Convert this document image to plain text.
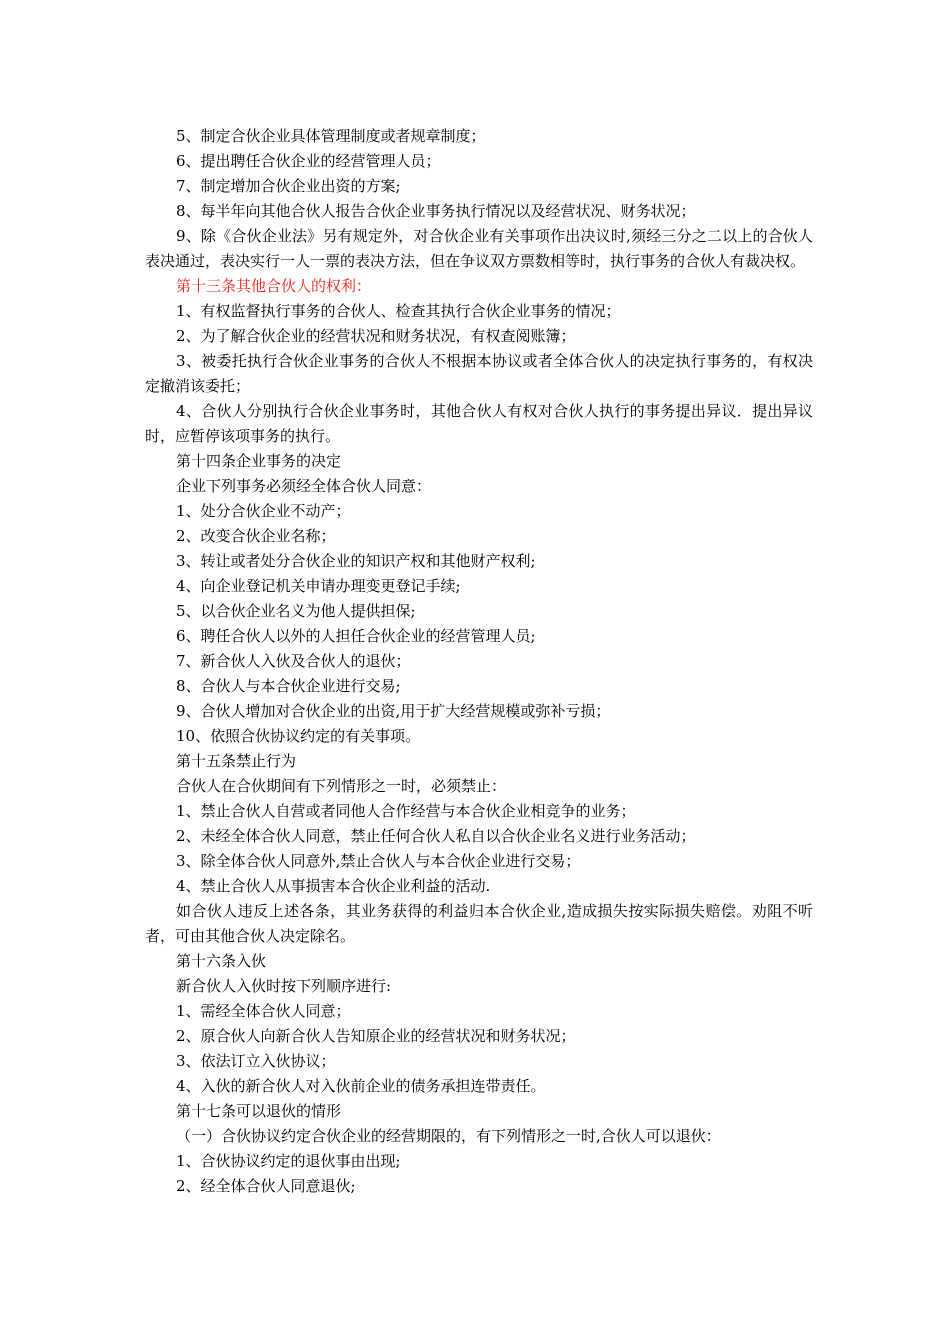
5、制定合伙企业具体管理制度或者规章制度；

6、提出聘任合伙企业的经营管理人员；

7、制定增加合伙企业出资的方案;

8、每半年向其他合伙人报告合伙企业事务执行情况以及经营状况、财务状况；

9、除《合伙企业法》另有规定外，对合伙企业有关事项作出决议时,须经三分之二以上的合伙人表决通过，表决实行一人一票的表决方法，但在争议双方票数相等时，执行事务的合伙人有裁决权。

第十三条其他合伙人的权利：

1、有权监督执行事务的合伙人、检查其执行合伙企业事务的情况；

2、为了解合伙企业的经营状况和财务状况，有权查阅账簿；

3、被委托执行合伙企业事务的合伙人不根据本协议或者全体合伙人的决定执行事务的，有权决定撤消该委托；

4、合伙人分别执行合伙企业事务时，其他合伙人有权对合伙人执行的事务提出异议．提出异议时，应暂停该项事务的执行。

第十四条企业事务的决定

企业下列事务必须经全体合伙人同意：

1、处分合伙企业不动产；

2、改变合伙企业名称；

3、转让或者处分合伙企业的知识产权和其他财产权利;

4、向企业登记机关申请办理变更登记手续;

5、以合伙企业名义为他人提供担保;

6、聘任合伙人以外的人担任合伙企业的经营管理人员;

7、新合伙人入伙及合伙人的退伙；

8、合伙人与本合伙企业进行交易;

9、合伙人增加对合伙企业的出资,用于扩大经营规模或弥补亏损；

10、依照合伙协议约定的有关事项。

第十五条禁止行为

合伙人在合伙期间有下列情形之一时，必须禁止：

1、禁止合伙人自营或者同他人合作经营与本合伙企业相竞争的业务；

2、未经全体合伙人同意，禁止任何合伙人私自以合伙企业名义进行业务活动；

3、除全体合伙人同意外,禁止合伙人与本合伙企业进行交易；

4、禁止合伙人从事损害本合伙企业利益的活动.

如合伙人违反上述各条，其业务获得的利益归本合伙企业,造成损失按实际损失赔偿。劝阻不听者，可由其他合伙人决定除名。

第十六条入伙

新合伙人入伙时按下列顺序进行:

1、需经全体合伙人同意；

2、原合伙人向新合伙人告知原企业的经营状况和财务状况；

3、依法订立入伙协议；

4、入伙的新合伙人对入伙前企业的债务承担连带责任。

第十七条可以退伙的情形

（一）合伙协议约定合伙企业的经营期限的，有下列情形之一时,合伙人可以退伙：

1、合伙协议约定的退伙事由出现;

2、经全体合伙人同意退伙;
